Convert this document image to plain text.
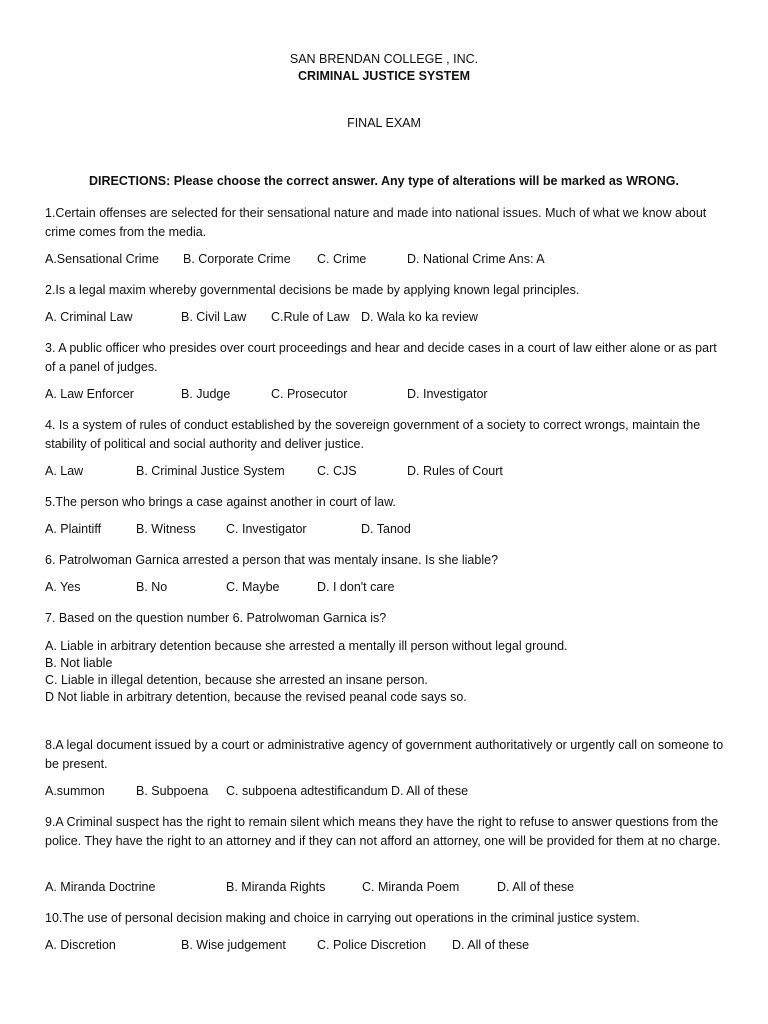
SAN BRENDAN COLLEGE , INC.
CRIMINAL JUSTICE SYSTEM
FINAL EXAM
DIRECTIONS: Please choose the correct answer. Any type of alterations will be marked as WRONG.
1.Certain offenses are selected for their sensational nature and made into national issues. Much of what we know about crime comes from the media.
A.Sensational Crime B. Corporate Crime C. Crime	D. National Crime Ans: A
2.Is a legal maxim whereby governmental decisions be made by applying known legal principles.
A. Criminal Law	B. Civil Law C.Rule of Law D. Wala ko ka review
3. A public officer who presides over court proceedings and hear and decide cases in a court of law either alone or as part of a panel of judges.
A. Law Enforcer	B. Judge	C. Prosecutor	D. Investigator
4. Is a system of rules of conduct established by the sovereign government of a society to correct wrongs, maintain the stability of political and social authority and deliver justice.
A. Law	B. Criminal Justice System	C. CJS	D. Rules of Court
5.The person who brings a case against another in court of law.
A. Plaintiff	B. Witness C. Investigator	D. Tanod
6. Patrolwoman Garnica arrested a person that was mentaly insane. Is she liable?
A. Yes	B. No	C. Maybe	D. I don't care
7. Based on the question number 6. Patrolwoman Garnica is?
A. Liable in arbitrary detention because she arrested a mentally ill person without legal ground.
B. Not liable
C. Liable in illegal detention, because she arrested an insane person.
D Not liable in arbitrary detention, because the revised peanal code says so.
8.A legal document issued by a court or administrative agency of government authoritatively or urgently call on someone to be present.
A.summon	B. Subpoena C. subpoena adtestificandum D. All of these
9.A Criminal suspect has the right to remain silent which means they have the right to refuse to answer questions from the police. They have the right to an attorney and if they can not afford an attorney, one will be provided for them at no charge.
A. Miranda Doctrine	B. Miranda Rights	C. Miranda Poem	D. All of these
10.The use of personal decision making and choice in carrying out operations in the criminal justice system.
A. Discretion	B. Wise judgement C. Police Discretion D. All of these
